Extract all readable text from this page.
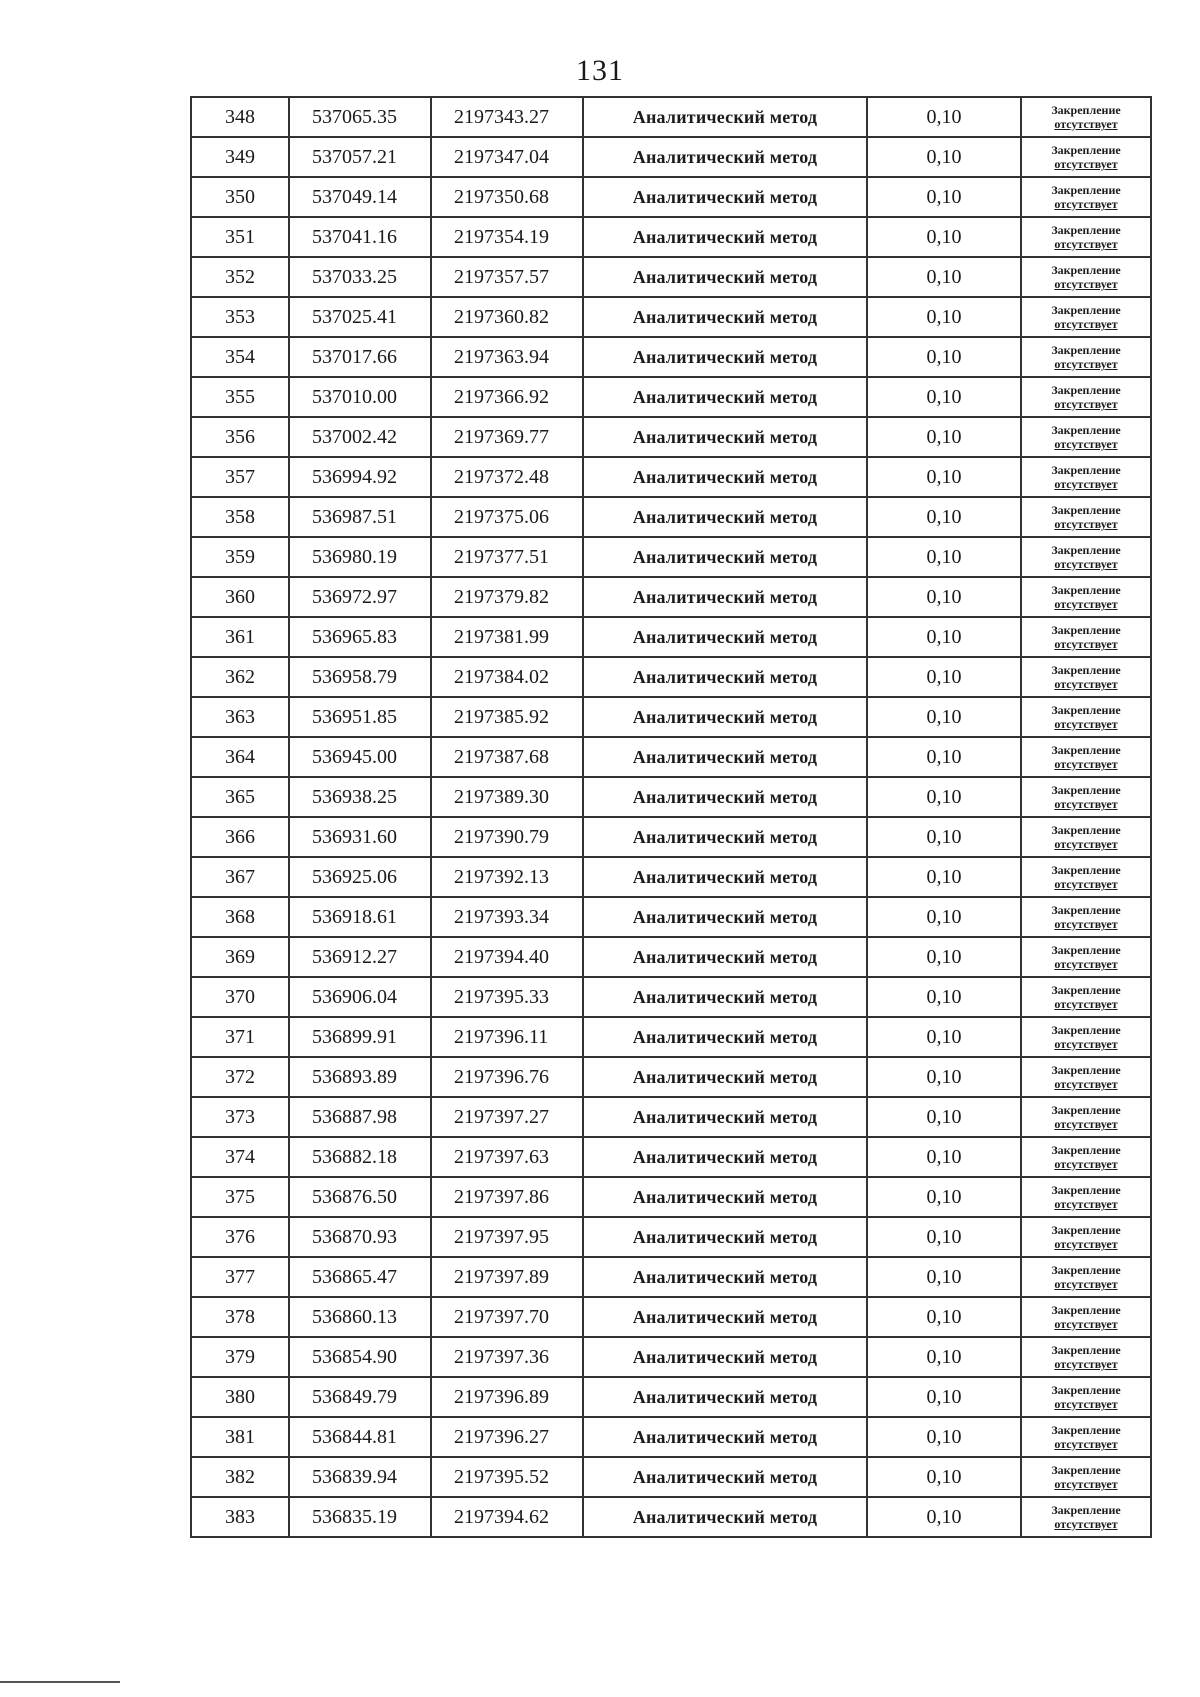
131
348	537065.35	2197343.27	Аналитический метод	0,10	Закрепление
отсутствует

349	537057.21	2197347.04	Аналитический метод	0,10	Закрепление
отсутствует

350	537049.14	2197350.68	Аналитический метод	0,10	Закрепление
отсутствует

351	537041.16	2197354.19	Аналитический метод	0,10	Закрепление
отсутствует

352	537033.25	2197357.57	Аналитический метод	0,10	Закрепление
отсутствует

353	537025.41	2197360.82	Аналитический метод	0,10	Закрепление
отсутствует

354	537017.66	2197363.94	Аналитический метод	0,10	Закрепление
отсутствует

355	537010.00	2197366.92	Аналитический метод	0,10	Закрепление
отсутствует

356	537002.42	2197369.77	Аналитический метод	0,10	Закрепление
отсутствует

357	536994.92	2197372.48	Аналитический метод	0,10	Закрепление
отсутствует

358	536987.51	2197375.06	Аналитический метод	0,10	Закрепление
отсутствует

359	536980.19	2197377.51	Аналитический метод	0,10	Закрепление
отсутствует

360	536972.97	2197379.82	Аналитический метод	0,10	Закрепление
отсутствует

361	536965.83	2197381.99	Аналитический метод	0,10	Закрепление
отсутствует

362	536958.79	2197384.02	Аналитический метод	0,10	Закрепление
отсутствует

363	536951.85	2197385.92	Аналитический метод	0,10	Закрепление
отсутствует

364	536945.00	2197387.68	Аналитический метод	0,10	Закрепление
отсутствует

365	536938.25	2197389.30	Аналитический метод	0,10	Закрепление
отсутствует

366	536931.60	2197390.79	Аналитический метод	0,10	Закрепление
отсутствует

367	536925.06	2197392.13	Аналитический метод	0,10	Закрепление
отсутствует

368	536918.61	2197393.34	Аналитический метод	0,10	Закрепление
отсутствует

369	536912.27	2197394.40	Аналитический метод	0,10	Закрепление
отсутствует

370	536906.04	2197395.33	Аналитический метод	0,10	Закрепление
отсутствует

371	536899.91	2197396.11	Аналитический метод	0,10	Закрепление
отсутствует

372	536893.89	2197396.76	Аналитический метод	0,10	Закрепление
отсутствует

373	536887.98	2197397.27	Аналитический метод	0,10	Закрепление
отсутствует

374	536882.18	2197397.63	Аналитический метод	0,10	Закрепление
отсутствует

375	536876.50	2197397.86	Аналитический метод	0,10	Закрепление
отсутствует

376	536870.93	2197397.95	Аналитический метод	0,10	Закрепление
отсутствует

377	536865.47	2197397.89	Аналитический метод	0,10	Закрепление
отсутствует

378	536860.13	2197397.70	Аналитический метод	0,10	Закрепление
отсутствует

379	536854.90	2197397.36	Аналитический метод	0,10	Закрепление
отсутствует

380	536849.79	2197396.89	Аналитический метод	0,10	Закрепление
отсутствует

381	536844.81	2197396.27	Аналитический метод	0,10	Закрепление
отсутствует

382	536839.94	2197395.52	Аналитический метод	0,10	Закрепление
отсутствует

383	536835.19	2197394.62	Аналитический метод	0,10	Закрепление
отсутствует
